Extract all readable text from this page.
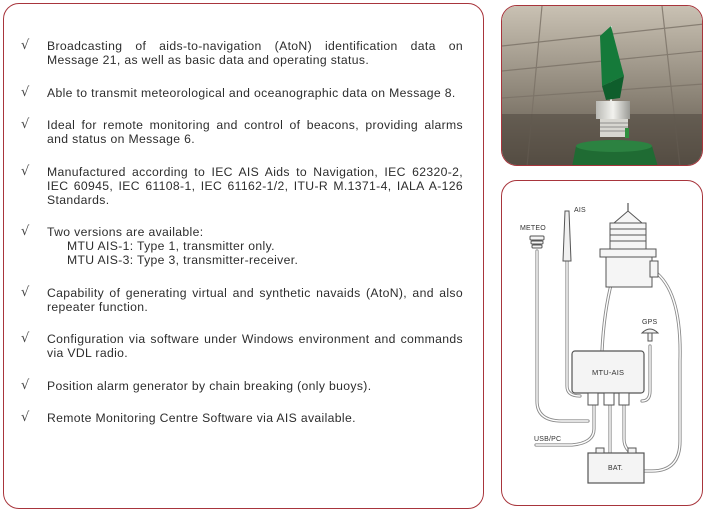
√	Broadcasting of aids-to-navigation (AtoN) identification data on Message 21, as well as basic data and operating status.
√	Able to transmit meteorological and oceanographic data on Message 8.
√	Ideal for remote monitoring and control of beacons, providing alarms and status on Message 6.
√	Manufactured according to IEC AIS Aids to Navigation, IEC 62320-2, IEC 60945, IEC 61108-1, IEC 61162-1/2, ITU-R M.1371-4, IALA A-126 Standards.
√	Two versions are available:
MTU AIS-1: Type 1, transmitter only.
MTU AIS-3: Type 3, transmitter-receiver.
√	Capability of generating virtual and synthetic navaids (AtoN), and also repeater function.
√	Configuration via software under Windows environment and commands via VDL radio.
√	Position alarm generator by chain breaking (only buoys).
√	Remote Monitoring Centre Software via AIS available.
METEO
AIS
GPS
MTU-AIS
USB/PC
BAT.
